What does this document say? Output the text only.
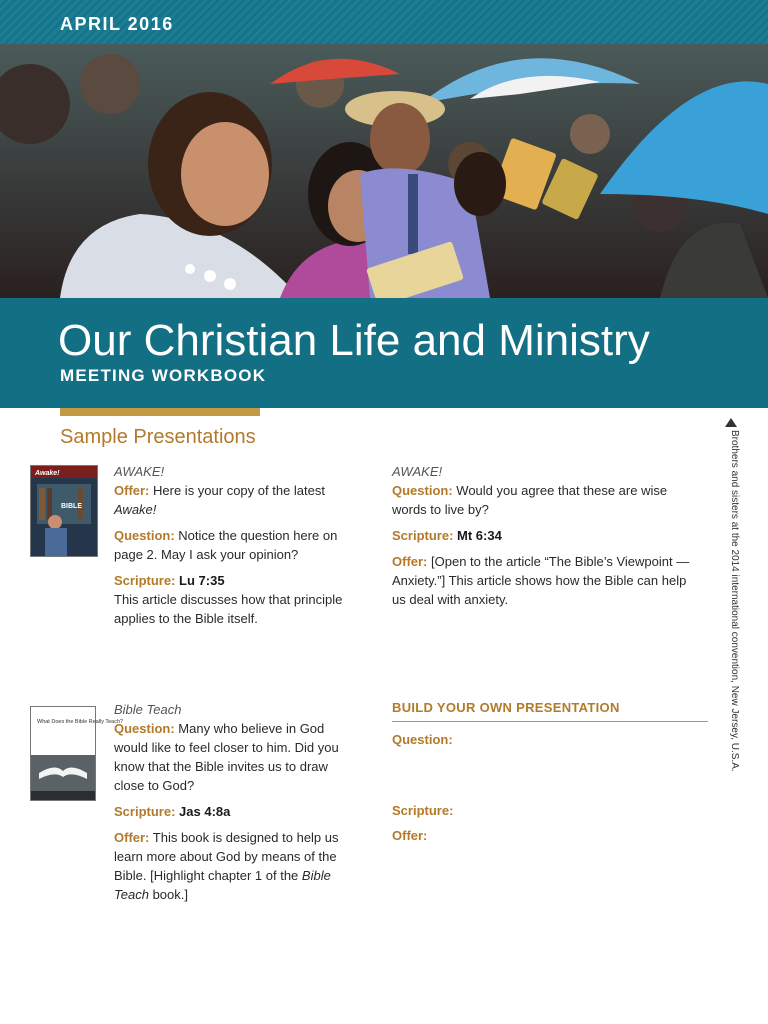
APRIL 2016
Our Christian Life and Ministry
MEETING WORKBOOK
Sample Presentations	Brothers and sisters at the 2014 international convention, New Jersey, U.S.A.
Awake!
BIBLE
What Does the Bible Really Teach?

AWAKE!

Offer: Here is your copy of the latest Awake!

Question: Notice the question here on page 2. May I ask your opinion?

Scripture: Lu 7:35

This article discusses how that principle applies to the Bible itself.

AWAKE!

Question: Would you agree that these are wise words to live by?

Scripture: Mt 6:34

Offer: [Open to the article “The Bible’s Viewpoint —Anxiety.”] This article shows how the Bible can help us deal with anxiety.

Bible Teach

Question: Many who believe in God would like to feel closer to him. Did you know that the Bible invites us to draw close to God?

Scripture: Jas 4:8a

Offer: This book is designed to help us learn more about God by means of the Bible. [Highlight chapter 1 of the Bible Teach book.]

BUILD YOUR OWN PRESENTATION
Question:
Scripture:
Offer:
